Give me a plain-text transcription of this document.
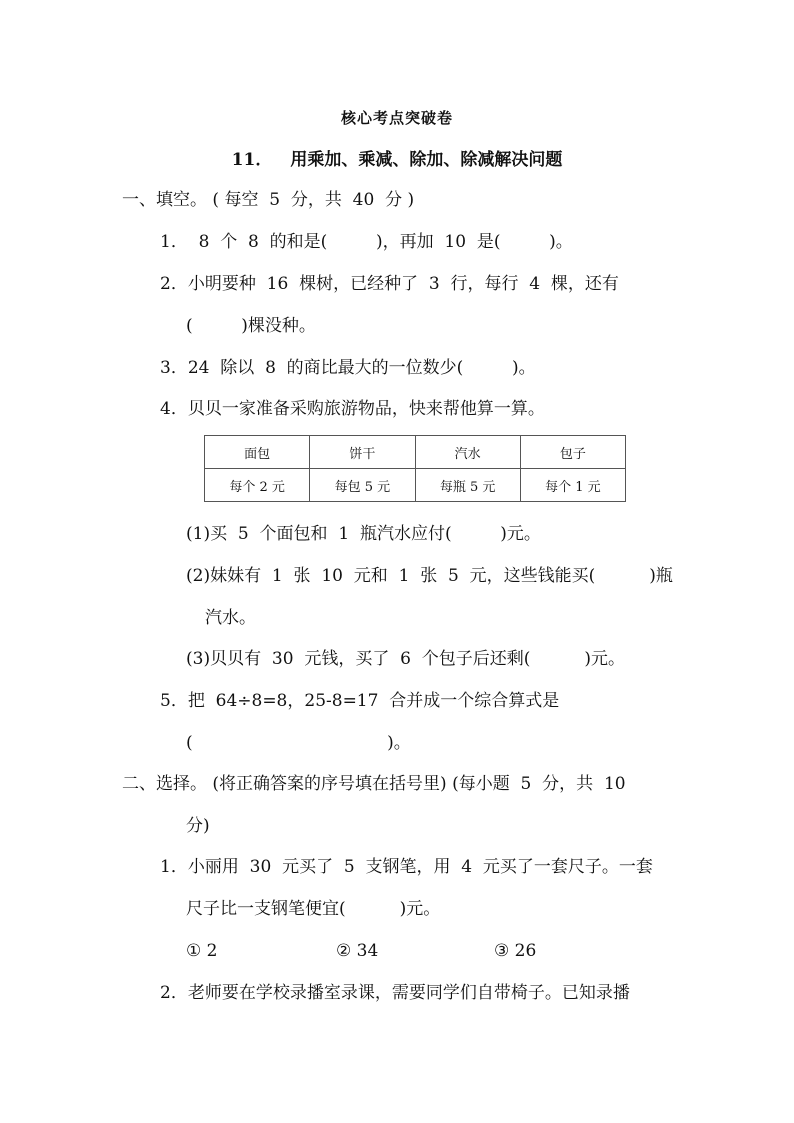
核心考点突破卷
11． 用乘加、乘减、除加、除减解决问题
一、填空。 ( 每空  5  分，共  40  分 )
1．  8  个  8  的和是(         )，再加  10  是(         )。
2．小明要种  16  棵树，已经种了  3  行，每行  4  棵，还有
(         )棵没种。
3．24  除以  8  的商比最大的一位数少(         )。
4．贝贝一家准备采购旅游物品，快来帮他算一算。
面包	饼干	汽水	包子
每个 2 元	每包 5 元	每瓶 5 元	每个 1 元
(1)买  5  个面包和  1  瓶汽水应付(         )元。
(2)妹妹有  1  张  10  元和  1  张  5  元，这些钱能买(          )瓶
汽水。
(3)贝贝有  30  元钱，买了  6  个包子后还剩(          )元。
5．把  64÷8=8，25-8=17  合并成一个综合算式是
(                                    )。
二、选择。 (将正确答案的序号填在括号里) (每小题  5  分，共  10
分)
1．小丽用  30  元买了  5  支钢笔，用  4  元买了一套尺子。一套
尺子比一支钢笔便宜(          )元。
① 2	② 34	③ 26
2．老师要在学校录播室录课，需要同学们自带椅子。已知录播
